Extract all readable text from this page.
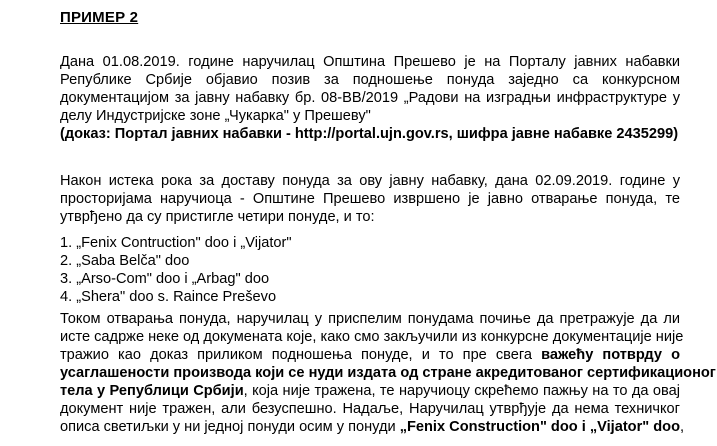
ПРИМЕР 2
Дана 01.08.2019. године наручилац Општина Прешево је на Порталу јавних набавки
Републике Србије објавио позив за подношење понуда заједно са конкурсном
документацијом за јавну набавку бр. 08-ВВ/2019 „Радови на изградњи инфраструктуре у
делу Индустријске зоне „Чукарка" у Прешеву"
(доказ: Портал јавних набавки - http://portal.ujn.gov.rs, шифра јавне набавке 2435299)
Након истека рока за доставу понуда за ову јавну набавку, дана 02.09.2019. године у
просторијама наручиоца - Општине Прешево извршено је јавно отварање понуда, те
утврђено да су пристигле четири понуде, и то:
1. „Fenix Contruction" doo i „Vijator"
2. „Saba Belča" doo
3. „Arso-Com" doo i „Arbag" doo
4. „Shera" doo s. Raince Preševo
Током отварања понуда, наручилац у приспелим понудама почиње да претражује да ли
исте садрже неке од докумената које, како смо закључили из конкурсне документације није
тражио као доказ приликом подношења понуде, и то пре свега важећу потврду о
усаглашености производа који се нуди издата од стране акредитованог сертификационог
тела у Републици Србији, која није тражена, те наручиоцу скрећемо пажњу на то да овај
документ није тражен, али безуспешно. Надаље, Наручилац утврђује да нема техничког
описа светиљки у ни једној понуди осим у понуди „Fenix Construction" doo i „Vijator" doo,
